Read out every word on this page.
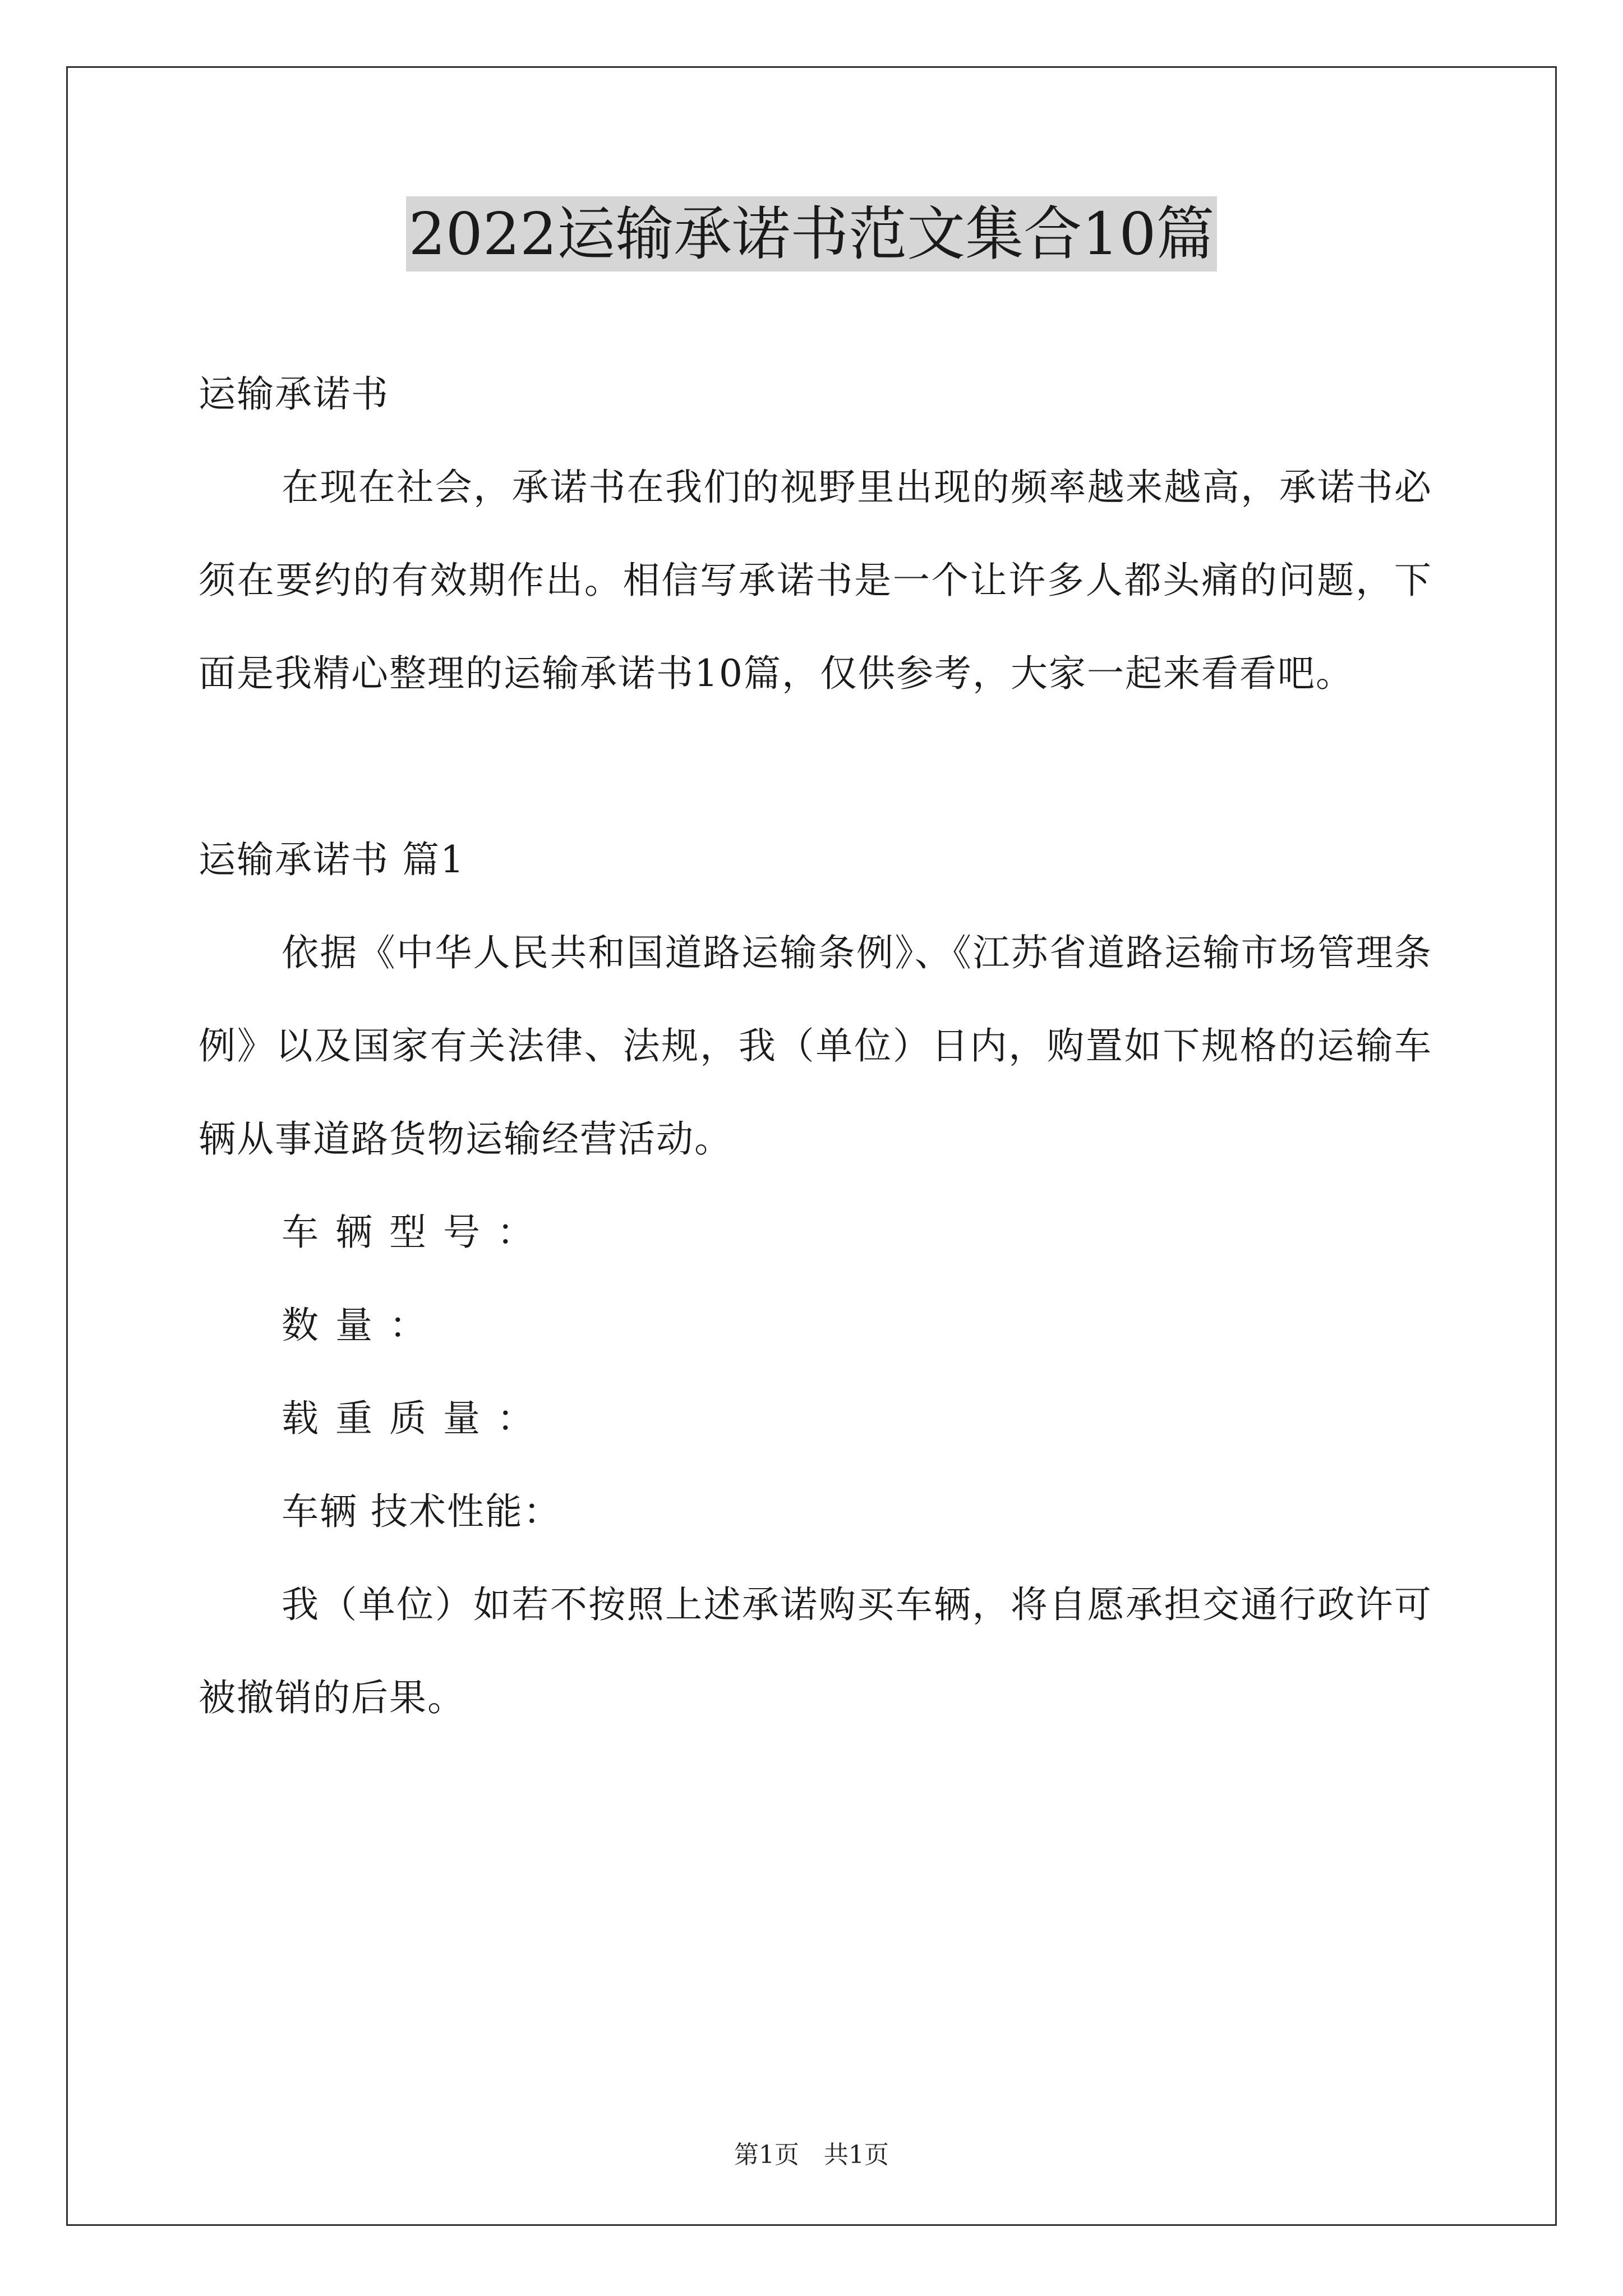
2022运输承诺书范文集合10篇

运输承诺书

在现在社会，承诺书在我们的视野里出现的频率越来越高，承诺书必须在要约的有效期作出。相信写承诺书是一个让许多人都头痛的问题，下面是我精心整理的运输承诺书10篇，仅供参考，大家一起来看看吧。

运输承诺书 篇1

依据《中华人民共和国道路运输条例》、《江苏省道路运输市场管理条例》以及国家有关法律、法规，我（单位）日内，购置如下规格的运输车辆从事道路货物运输经营活动。

车辆型号：

数量：

载重质量：

车辆 技术性能：

我（单位）如若不按照上述承诺购买车辆，将自愿承担交通行政许可被撤销的后果。

第1页　共1页
